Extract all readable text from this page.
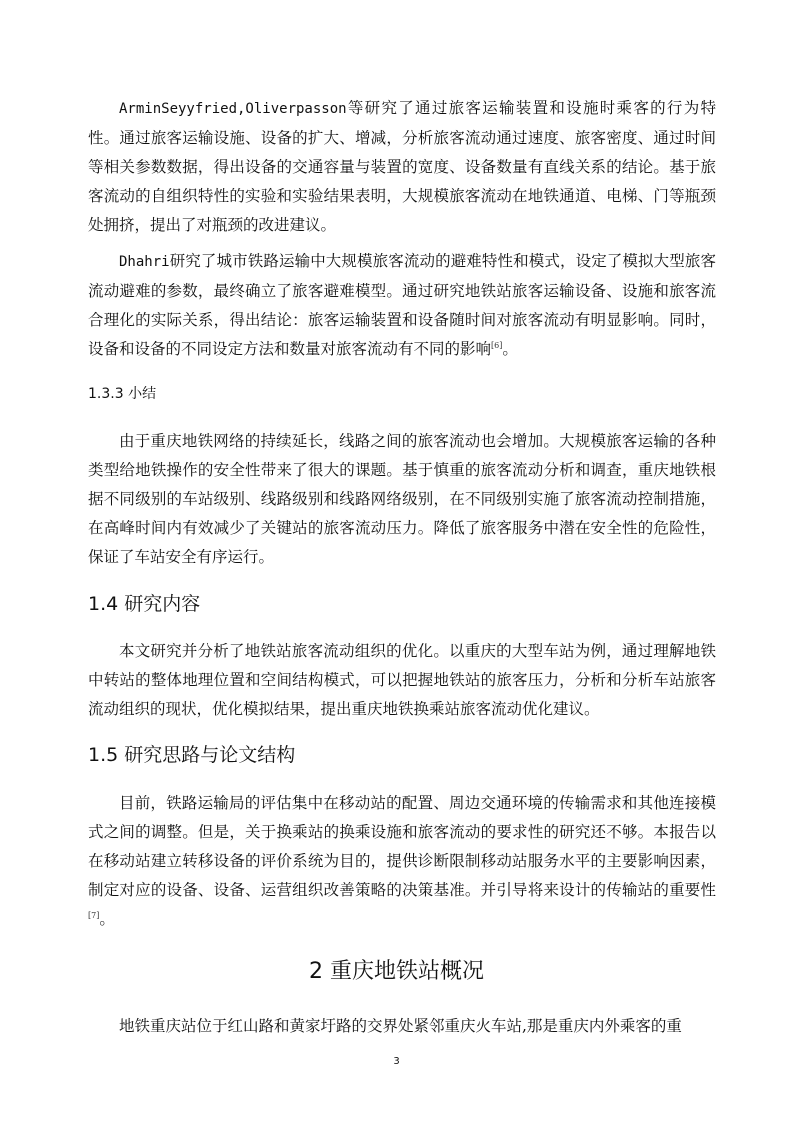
ArminSeyyfried,Oliverpasson等研究了通过旅客运输装置和设施时乘客的行为特性。通过旅客运输设施、设备的扩大、增减，分析旅客流动通过速度、旅客密度、通过时间等相关参数数据，得出设备的交通容量与装置的宽度、设备数量有直线关系的结论。基于旅客流动的自组织特性的实验和实验结果表明，大规模旅客流动在地铁通道、电梯、门等瓶颈处拥挤，提出了对瓶颈的改进建议。

Dhahri研究了城市铁路运输中大规模旅客流动的避难特性和模式，设定了模拟大型旅客流动避难的参数，最终确立了旅客避难模型。通过研究地铁站旅客运输设备、设施和旅客流合理化的实际关系，得出结论：旅客运输装置和设备随时间对旅客流动有明显影响。同时，设备和设备的不同设定方法和数量对旅客流动有不同的影响[6]。

1.3.3 小结

由于重庆地铁网络的持续延长，线路之间的旅客流动也会增加。大规模旅客运输的各种类型给地铁操作的安全性带来了很大的课题。基于慎重的旅客流动分析和调查，重庆地铁根据不同级别的车站级别、线路级别和线路网络级别，在不同级别实施了旅客流动控制措施，在高峰时间内有效减少了关键站的旅客流动压力。降低了旅客服务中潜在安全性的危险性，保证了车站安全有序运行。

1.4 研究内容

本文研究并分析了地铁站旅客流动组织的优化。以重庆的大型车站为例，通过理解地铁中转站的整体地理位置和空间结构模式，可以把握地铁站的旅客压力，分析和分析车站旅客流动组织的现状，优化模拟结果，提出重庆地铁换乘站旅客流动优化建议。

1.5 研究思路与论文结构

目前，铁路运输局的评估集中在移动站的配置、周边交通环境的传输需求和其他连接模式之间的调整。但是，关于换乘站的换乘设施和旅客流动的要求性的研究还不够。本报告以在移动站建立转移设备的评价系统为目的，提供诊断限制移动站服务水平的主要影响因素，制定对应的设备、设备、运营组织改善策略的决策基准。并引导将来设计的传输站的重要性[7]。

2 重庆地铁站概况

地铁重庆站位于红山路和黄家圩路的交界处紧邻重庆火车站,那是重庆内外乘客的重

3
